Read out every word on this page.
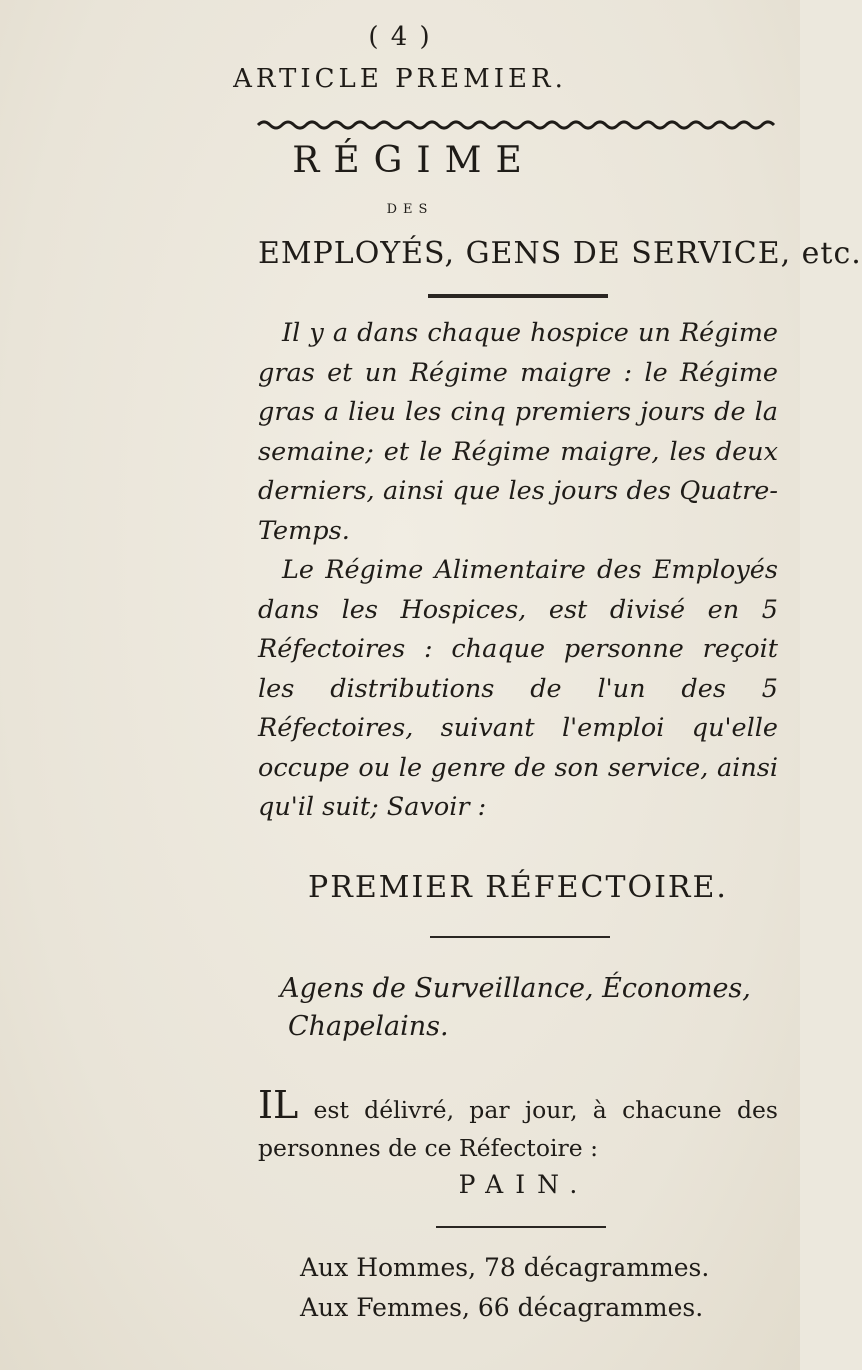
( 4 )
ARTICLE PREMIER.
RÉGIME
DES
EMPLOYÉS, GENS DE SERVICE, etc.

Il y a dans chaque hospice un Régime gras et un Régime maigre : le Régime gras a lieu les cinq premiers jours de la semaine; et le Régime maigre, les deux derniers, ainsi que les jours des Quatre-Temps.

Le Régime Alimentaire des Employés dans les Hospices, est divisé en 5 Réfectoires : chaque personne reçoit les distributions de l'un des 5 Réfectoires, suivant l'emploi qu'elle occupe ou le genre de son service, ainsi qu'il suit; Savoir :

PREMIER RÉFECTOIRE.
Agens de Surveillance, Économes,
Chapelains.
IL est délivré, par jour, à chacune des personnes de ce Réfectoire :
PAIN.
Aux Hommes, 78 décagrammes.
Aux Femmes, 66 décagrammes.
